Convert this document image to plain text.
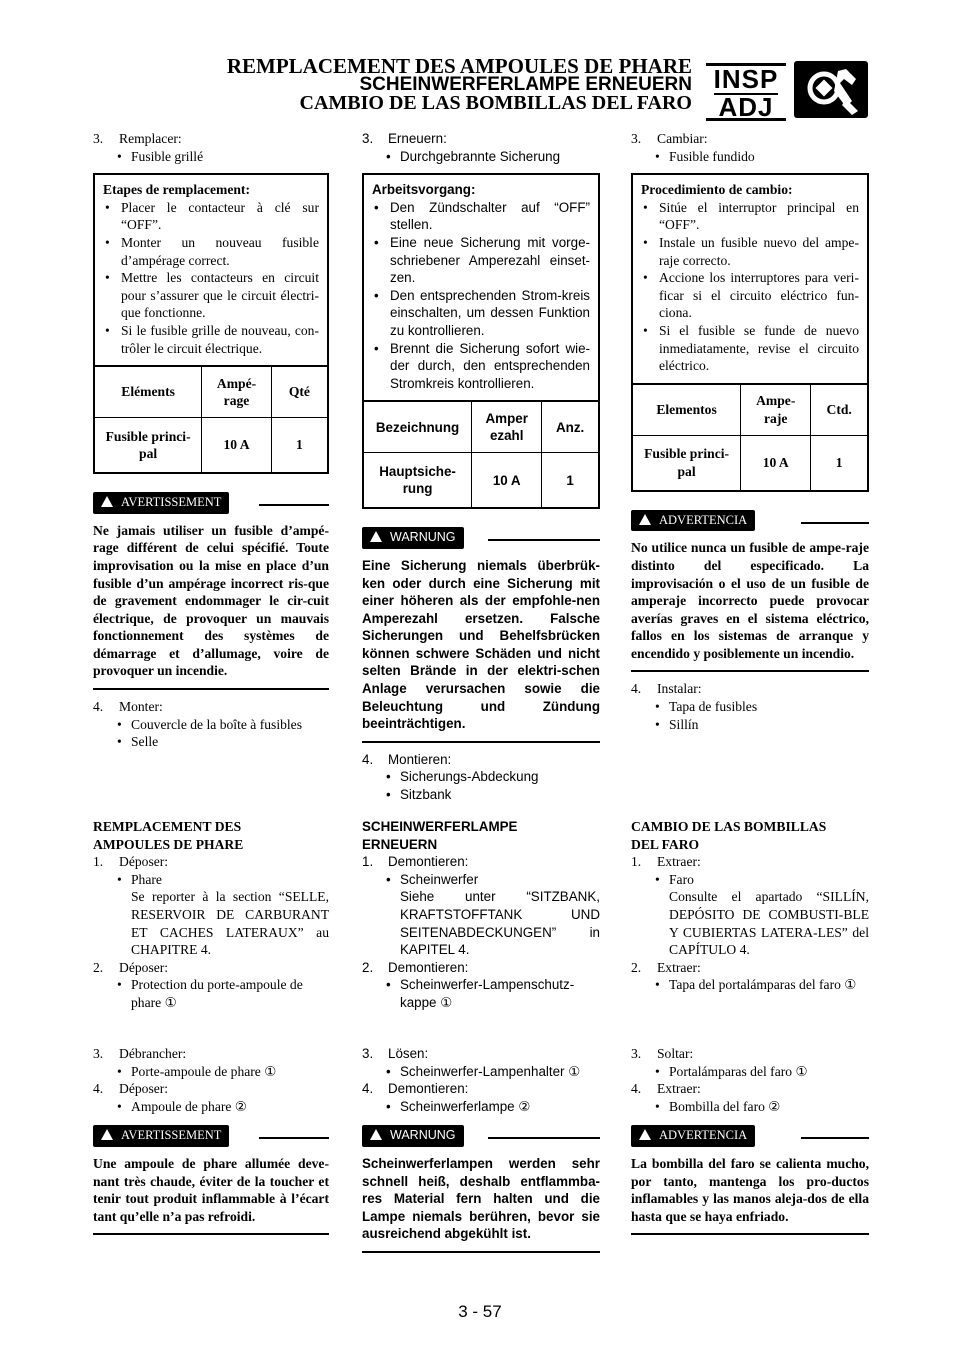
REMPLACEMENT DES AMPOULES DE PHARE
SCHEINWERFERLAMPE ERNEUERN
CAMBIO DE LAS BOMBILLAS DEL FARO
INSP
ADJ
3. Remplacer:
• Fusible grillé
Etapes de remplacement:
• Placer le contacteur à clé sur “OFF”.
• Monter un nouveau fusible d’ampérage correct.
• Mettre les contacteurs en circuit pour s’assurer que le circuit électri-que fonctionne.
• Si le fusible grille de nouveau, con-trôler le circuit électrique.
Eléments	Ampé-rage	Qté
Fusible princi-pal	10 A	1
AVERTISSEMENT
Ne jamais utiliser un fusible d’ampé-rage différent de celui spécifié. Toute improvisation ou la mise en place d’un fusible d’un ampérage incorrect ris-que de gravement endommager le cir-cuit électrique, de provoquer un mauvais fonctionnement des systèmes de démarrage et d’allumage, voire de provoquer un incendie.
4. Monter:
• Couvercle de la boîte à fusibles
• Selle
3. Erneuern:
• Durchgebrannte Sicherung
Arbeitsvorgang:
• Den Zündschalter auf “OFF” stellen.
• Eine neue Sicherung mit vorge-schriebener Amperezahl einset-zen.
• Den entsprechenden Strom-kreis einschalten, um dessen Funktion zu kontrollieren.
• Brennt die Sicherung sofort wie-der durch, den entsprechenden Stromkreis kontrollieren.
Bezeichnung	Amper ezahl	Anz.
Hauptsiche-rung	10 A	1
WARNUNG
Eine Sicherung niemals überbrük-ken oder durch eine Sicherung mit einer höheren als der empfohle-nen Amperezahl ersetzen. Falsche Sicherungen und Behelfsbrücken können schwere Schäden und nicht selten Brände in der elektri-schen Anlage verursachen sowie die Beleuchtung und Zündung beeinträchtigen.
4. Montieren:
• Sicherungs-Abdeckung
• Sitzbank
3. Cambiar:
• Fusible fundido
Procedimiento de cambio:
• Sitúe el interruptor principal en “OFF”.
• Instale un fusible nuevo del ampe-raje correcto.
• Accione los interruptores para veri-ficar si el circuito eléctrico fun-ciona.
• Si el fusible se funde de nuevo inmediatamente, revise el circuito eléctrico.
Elementos	Ampe-raje	Ctd.
Fusible princi-pal	10 A	1
ADVERTENCIA
No utilice nunca un fusible de ampe-raje distinto del especificado. La improvisación o el uso de un fusible de amperaje incorrecto puede provocar averías graves en el sistema eléctrico, fallos en los sistemas de arranque y encendido y posiblemente un incendio.
4. Instalar:
• Tapa de fusibles
• Sillín
REMPLACEMENT DES
AMPOULES DE PHARE
1. Déposer:
• Phare
Se reporter à la section “SELLE, RESERVOIR DE CARBURANT ET CACHES LATERAUX” au CHAPITRE 4.
2. Déposer:
• Protection du porte-ampoule de phare ①
3. Débrancher:
• Porte-ampoule de phare ①
4. Déposer:
• Ampoule de phare ②
AVERTISSEMENT
Une ampoule de phare allumée deve-nant très chaude, éviter de la toucher et tenir tout produit inflammable à l’écart tant qu’elle n’a pas refroidi.
SCHEINWERFERLAMPE
ERNEUERN
1. Demontieren:
• Scheinwerfer
Siehe unter “SITZBANK, KRAFTSTOFFTANK UND SEITENABDECKUNGEN” in KAPITEL 4.
2. Demontieren:
• Scheinwerfer-Lampenschutz-kappe ①
3. Lösen:
• Scheinwerfer-Lampenhalter ①
4. Demontieren:
• Scheinwerferlampe ②
WARNUNG
Scheinwerferlampen werden sehr schnell heiß, deshalb entflammba-res Material fern halten und die Lampe niemals berühren, bevor sie ausreichend abgekühlt ist.
CAMBIO DE LAS BOMBILLAS
DEL FARO
1. Extraer:
• Faro
Consulte el apartado “SILLÍN, DEPÓSITO DE COMBUSTI-BLE Y CUBIERTAS LATERA-LES” del CAPÍTULO 4.
2. Extraer:
• Tapa del portalámparas del faro ①
3. Soltar:
• Portalámparas del faro ①
4. Extraer:
• Bombilla del faro ②
ADVERTENCIA
La bombilla del faro se calienta mucho, por tanto, mantenga los pro-ductos inflamables y las manos aleja-dos de ella hasta que se haya enfriado.
3 - 57
